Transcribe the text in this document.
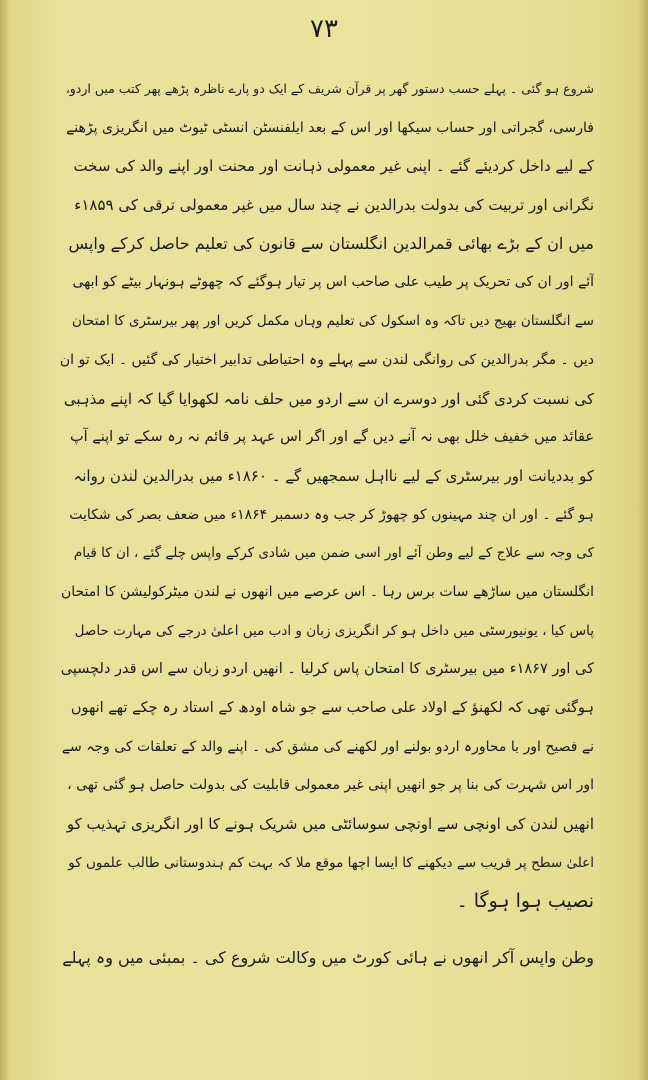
۷۳
شروع ہو گئی ۔ پہلے حسب دستور گھر پر قرآن شریف کے ایک دو پارے ناظرہ پڑھے پھر کتب میں اردو،
فارسی، گجراتی اور حساب سیکھا اور اس کے بعد ایلفنسٹن انسٹی ٹیوٹ میں انگریزی پڑھنے
کے لیے داخل کردیئے گئے ۔ اپنی غیر معمولی ذہانت اور محنت اور اپنے والد کی سخت
نگرانی اور تربیت کی بدولت بدرالدین نے چند سال میں غیر معمولی ترقی کی ۱۸۵۹ء
میں ان کے بڑے بھائی قمرالدین انگلستان سے قانون کی تعلیم حاصل کرکے واپس
آئے اور ان کی تحریک پر طیب علی صاحب اس پر تیار ہوگئے کہ چھوٹے ہونہار بیٹے کو ابھی
سے انگلستان بھیج دیں تاکہ وہ اسکول کی تعلیم وہاں مکمل کریں اور پھر بیرسٹری کا امتحان
دیں ۔ مگر بدرالدین کی روانگی لندن سے پہلے وہ احتیاطی تدابیر اختیار کی گئیں ۔ ایک تو ان
کی نسبت کردی گئی اور دوسرے ان سے اردو میں حلف نامہ لکھوایا گیا کہ اپنے مذہبی
عقائد میں خفیف خلل بھی نہ آنے دیں گے اور اگر اس عہد پر قائم نہ رہ سکے تو اپنے آپ
کو بددیانت اور بیرسٹری کے لیے نااہل سمجھیں گے ۔ ۱۸۶۰ء میں بدرالدین لندن روانہ
ہو گئے ۔ اور ان چند مہینوں کو چھوڑ کر جب وہ دسمبر ۱۸۶۴ء میں ضعف بصر کی شکایت
کی وجہ سے علاج کے لیے وطن آئے اور اسی ضمن میں شادی کرکے واپس چلے گئے ، ان کا قیام
انگلستان میں ساڑھے سات برس رہا ۔ اس عرصے میں انھوں نے لندن میٹرکولیشن کا امتحان
پاس کیا ، یونیورسٹی میں داخل ہو کر انگریزی زبان و ادب میں اعلیٰ درجے کی مہارت حاصل
کی اور ۱۸۶۷ء میں بیرسٹری کا امتحان پاس کرلیا ۔ انھیں اردو زبان سے اس قدر دلچسپی
ہوگئی تھی کہ لکھنؤ کے اولاد علی صاحب سے جو شاہ اودھ کے استاد رہ چکے تھے انھوں
نے فصیح اور با محاورہ اردو بولنے اور لکھنے کی مشق کی ۔ اپنے والد کے تعلقات کی وجہ سے
اور اس شہرت کی بنا پر جو انھیں اپنی غیر معمولی قابلیت کی بدولت حاصل ہو گئی تھی ،
انھیں لندن کی اونچی سے اونچی سوسائٹی میں شریک ہونے کا اور انگریزی تہذیب کو
اعلیٰ سطح پر قریب سے دیکھنے کا ایسا اچھا موقع ملا کہ بہت کم ہندوستانی طالب علموں کو
نصیب ہوا ہوگا ۔
وطن واپس آکر انھوں نے ہائی کورٹ میں وکالت شروع کی ۔ بمبئی میں وہ پہلے
